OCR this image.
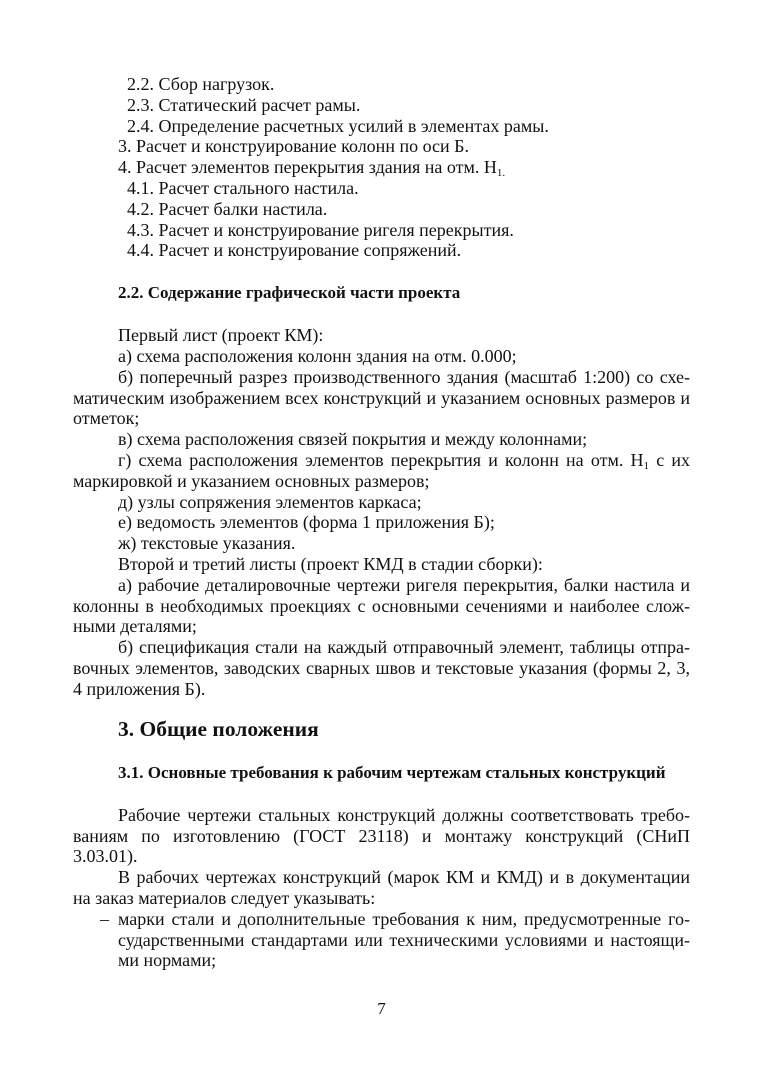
2.2. Сбор нагрузок.
2.3. Статический расчет рамы.
2.4. Определение расчетных усилий в элементах рамы.
3. Расчет и конструирование колонн по оси Б.
4. Расчет элементов перекрытия здания на отм. $Н_{1.}$
4.1. Расчет стального настила.
4.2. Расчет балки настила.
4.3. Расчет и конструирование ригеля перекрытия.
4.4. Расчет и конструирование сопряжений.
2.2. Содержание графической части проекта
Первый лист (проект КМ):
а) схема расположения колонн здания на отм. 0.000;
б) поперечный разрез производственного здания (масштаб 1:200) со схе-
матическим изображением всех конструкций и указанием основных размеров и
отметок;
в) схема расположения связей покрытия и между колоннами;
г) схема расположения элементов перекрытия и колонн на отм. $Н_1$ с их
маркировкой и указанием основных размеров;
д) узлы сопряжения элементов каркаса;
е) ведомость элементов (форма 1 приложения Б);
ж) текстовые указания.
Второй и третий листы (проект КМД в стадии сборки):
а) рабочие деталировочные чертежи ригеля перекрытия, балки настила и
колонны в необходимых проекциях с основными сечениями и наиболее слож-
ными деталями;
б) спецификация стали на каждый отправочный элемент, таблицы отпра-
вочных элементов, заводских сварных швов и текстовые указания (формы 2, 3,
4 приложения Б).
3. Общие положения
3.1. Основные требования к рабочим чертежам стальных конструкций
Рабочие чертежи стальных конструкций должны соответствовать требо-
ваниям по изготовлению (ГОСТ 23118) и монтажу конструкций (СНиП
3.03.01).
В рабочих чертежах конструкций (марок КМ и КМД) и в документации
на заказ материалов следует указывать:
– марки стали и дополнительные требования к ним, предусмотренные го-
сударственными стандартами или техническими условиями и настоящи-
ми нормами;
7
